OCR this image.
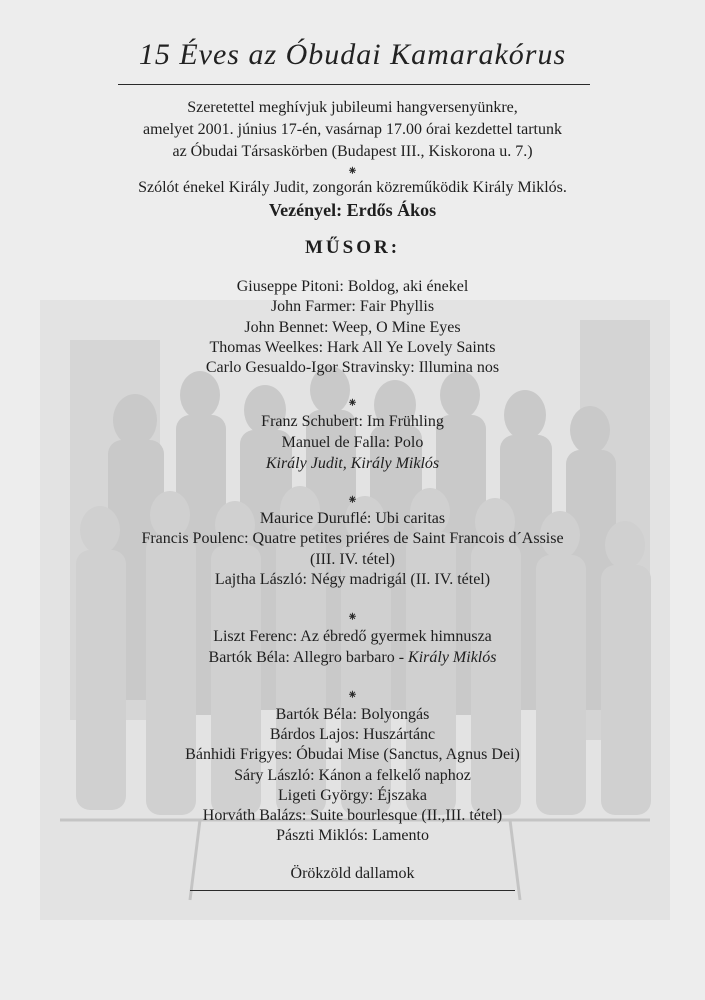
15 Éves az Óbudai Kamarakórus
Szeretettel meghívjuk jubileumi hangversenyünkre,
amelyet 2001. június 17-én, vasárnap 17.00 órai kezdettel tartunk
az Óbudai Társaskörben (Budapest III., Kiskorona u. 7.)
⁕
Szólót énekel Király Judit, zongorán közreműködik Király Miklós.
Vezényel: Erdős Ákos
MŰSOR:
Giuseppe Pitoni: Boldog, aki énekel
John Farmer: Fair Phyllis
John Bennet: Weep, O Mine Eyes
Thomas Weelkes: Hark All Ye Lovely Saints
Carlo Gesualdo-Igor Stravinsky: Illumina nos
⁕
Franz Schubert: Im Frühling
Manuel de Falla: Polo
Király Judit, Király Miklós
⁕
Maurice Duruflé: Ubi caritas
Francis Poulenc: Quatre petites priéres de Saint Francois d´Assise
(III. IV. tétel)
Lajtha László: Négy madrigál (II. IV. tétel)
⁕
Liszt Ferenc: Az ébredő gyermek himnusza
Bartók Béla: Allegro barbaro - Király Miklós
⁕
Bartók Béla: Bolyongás
Bárdos Lajos: Huszártánc
Bánhidi Frigyes: Óbudai Mise (Sanctus, Agnus Dei)
Sáry László: Kánon a felkelő naphoz
Ligeti György: Éjszaka
Horváth Balázs: Suite bourlesque (II.,III. tétel)
Pászti Miklós: Lamento
Örökzöld dallamok
